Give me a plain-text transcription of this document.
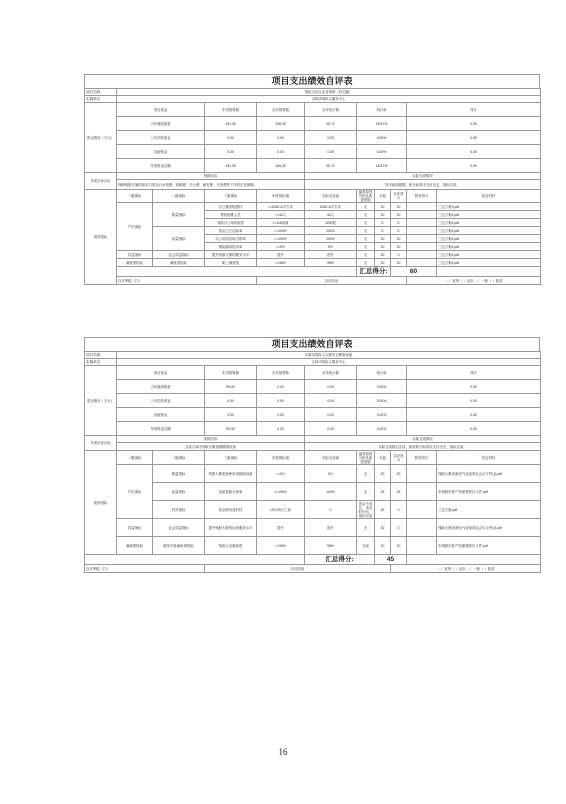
项目支出绩效自评表
项目名称	残疾人综合业务管理（收支额）									
实施单位	吉林市残疾人服务中心									
资金情况（万元）	项目资金		年初预算数	全年预算数	全年执行数	执行率			得分	
	当年财政拨款		151.35	106.25	25.71	18.67%			0.00	
	上年结转资金		0.00	0.00	0.00	0.00%			0.00	
	其他资金		0.00	0.00	0.00	0.00%			0.00	
	年度资金总额		151.35	106.25	25.71	18.67%			0.00	
年度总体目标	预期目标				实际完成情况					
	保障残联大厦的基本日常运行水电费、取暖费、办公费、邮电费、日用费等工作的正常保障。				按市政府数据、积分标准未支付出去，指标完成。					
绩效指标	一级指标	二级指标	三级指标	年度指标值	实际完成值	偏差原因分析及改进措施	分值	自评得分	核验得分	佐证材料
	产出指标	数量指标	办公楼采购建材	<=6451.8平方米	6451.8平方米	无	10	10		三定方案3.pdf
			帮扶困难人员	<=44人	44人	无	10	10		三定方案3.pdf
			残疾办公场所租赁	<=116条数	16条数	无	5	5		三定方案3.pdf
		质量指标	资金卫生达标率	>=100%	100%	无	5	5		三定方案3.pdf
			办公用品验收合格率	>=100%	100%	无	10	10		三定方案3.pdf
			保险漏项投诉率	<=5%	5%	无	10	10		三定方案3.pdf
	效益指标	社会效益指标	提升残联大厦的服务水平	提升	提升	无	30	0		三定方案3.pdf
	满意度指标	满意度指标	职工满意度	>=98%	95%	无	10	10		三定方案3.pdf
						汇总得分:		60		
	自评等级（打）			自评结论					（ ）优秀（ ）良好（ ）一般（ ）较差	
项目支出绩效自评表
项目名称	吉林市残疾人大厦安全维修设备									
实施单位	吉林市残疾人服务中心									
资金情况（万元）	项目资金		年初预算数	全年预算数	全年执行数	执行率			得分	
	当年财政拨款		95.00	0.20	0.00	0.00%			0.00	
	上年结转资金		0.00	0.00	0.00	0.00%			0.00	
	其他资金		0.00	0.00	0.00	0.00%			0.00	
	年度资金总额		95.00	0.20	0.00	0.00%			0.00	
年度总体目标	预期目标				实际完成情况					
	完成吉林市残联大厦电梯维修设备				实际完成数目完成，政府积分标准未支付出去，指标完成。					
绩效指标	一级指标	二级指标	三级指标	年度指标值	实际完成值	偏差原因分析及改进措施	分值	自评得分	核验得分	佐证材料
	产出指标	数量指标	残联大厦更新使用电梯和设备	>=0台	0台	无	20	20		残联大厦设备电气设备项目会议文件(1).pdf
		质量指标	设备更新合格率	>=100%	100%	无	15	15		市残联年度产权重要报告文件.pdf
		时效指标	资金使用及时性	10月30日之前	0	资金不到位，未及时付出，指标完成	15	0		三定方案.pdf
	效益指标	社会效益指标	提升残联大厦的运营服务水平	提升	提升	无	30	0		残联大厦设备电气设备项目会议文件(1).pdf
	满意度指标	服务对象满意度指标	残疾人员满意度	>=90%	95%	完成	10	10		市残联年度产权重要报告文件.pdf
					汇总得分:		45			
自评等级（打）			自评结论					（ ）优秀（ ）良好（ ）一般（ ）较差		
16
